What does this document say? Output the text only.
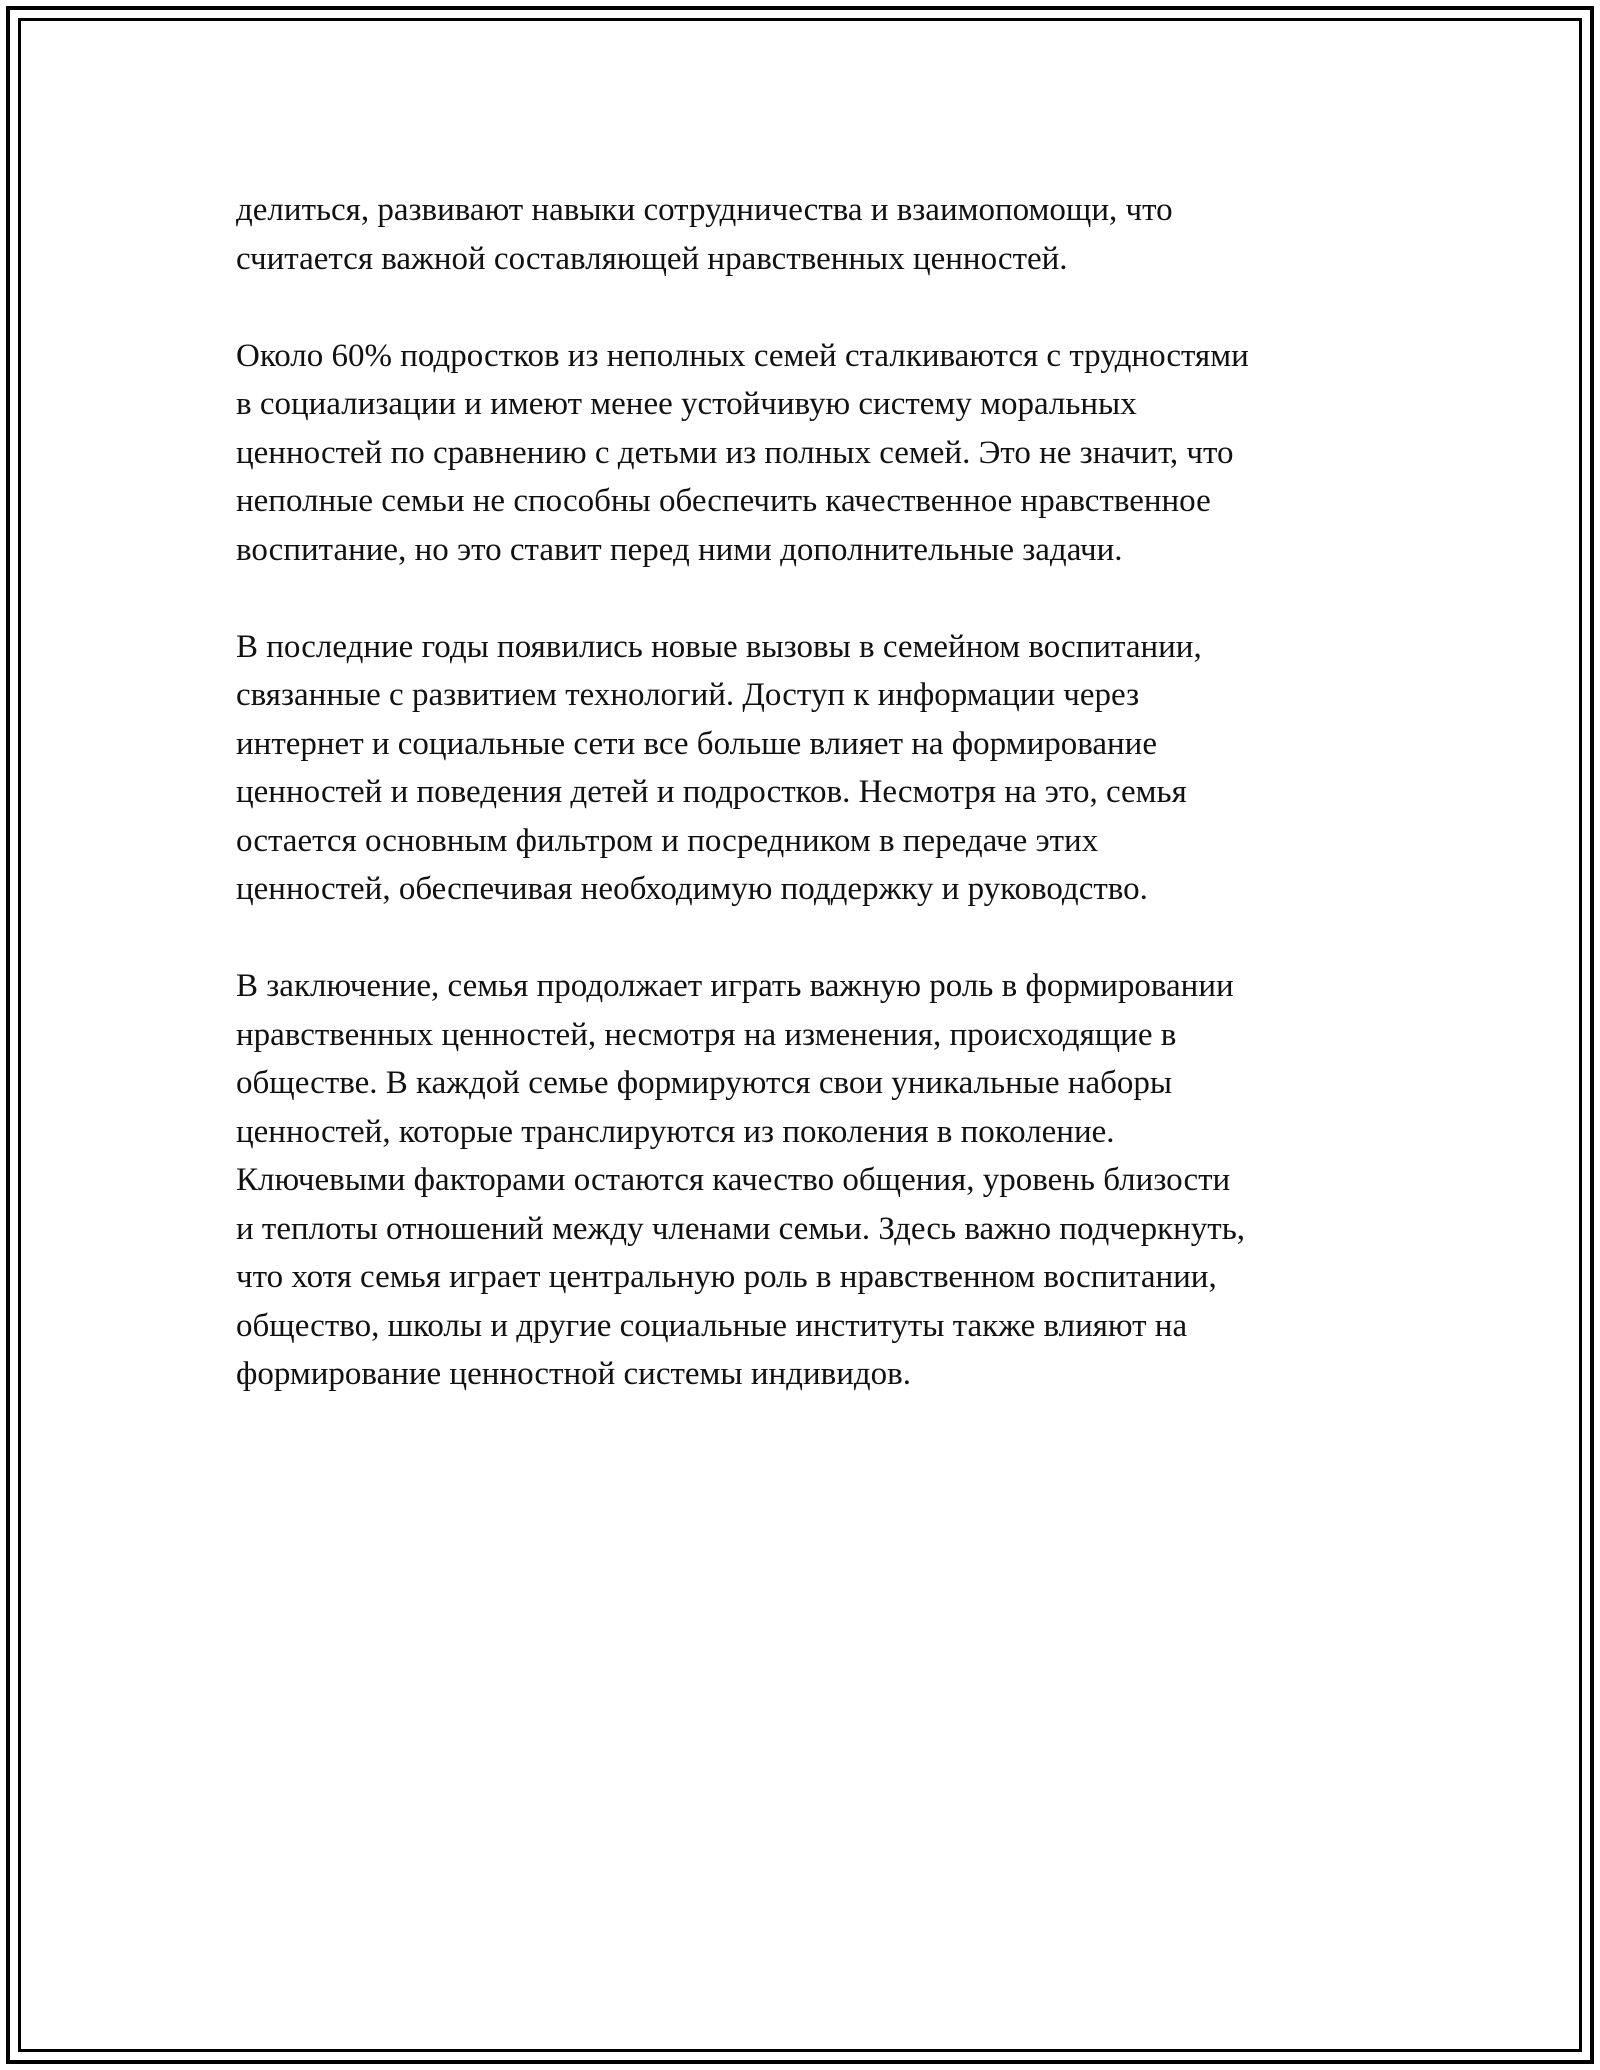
делиться, развивают навыки сотрудничества и взаимопомощи, что
считается важной составляющей нравственных ценностей.

Около 60% подростков из неполных семей сталкиваются с трудностями
в социализации и имеют менее устойчивую систему моральных
ценностей по сравнению с детьми из полных семей. Это не значит, что
неполные семьи не способны обеспечить качественное нравственное
воспитание, но это ставит перед ними дополнительные задачи.

В последние годы появились новые вызовы в семейном воспитании,
связанные с развитием технологий. Доступ к информации через
интернет и социальные сети все больше влияет на формирование
ценностей и поведения детей и подростков. Несмотря на это, семья
остается основным фильтром и посредником в передаче этих
ценностей, обеспечивая необходимую поддержку и руководство.

В заключение, семья продолжает играть важную роль в формировании
нравственных ценностей, несмотря на изменения, происходящие в
обществе. В каждой семье формируются свои уникальные наборы
ценностей, которые транслируются из поколения в поколение.
Ключевыми факторами остаются качество общения, уровень близости
и теплоты отношений между членами семьи. Здесь важно подчеркнуть,
что хотя семья играет центральную роль в нравственном воспитании,
общество, школы и другие социальные институты также влияют на
формирование ценностной системы индивидов.
